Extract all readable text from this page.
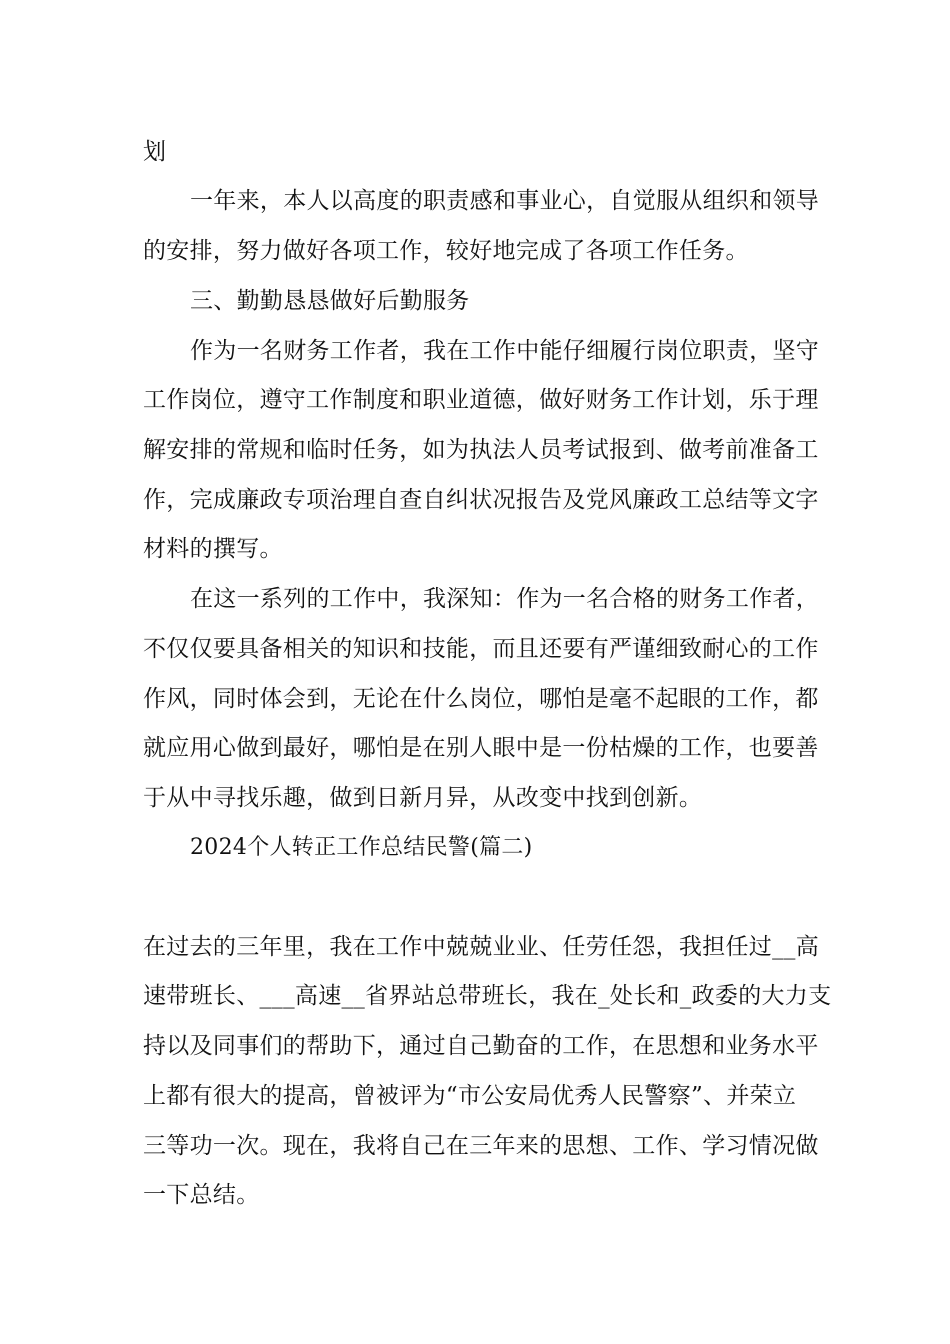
划
一年来，本人以高度的职责感和事业心，自觉服从组织和领导
的安排，努力做好各项工作，较好地完成了各项工作任务。
三、勤勤恳恳做好后勤服务
作为一名财务工作者，我在工作中能仔细履行岗位职责，坚守
工作岗位，遵守工作制度和职业道德，做好财务工作计划，乐于理
解安排的常规和临时任务，如为执法人员考试报到、做考前准备工
作，完成廉政专项治理自查自纠状况报告及党风廉政工总结等文字
材料的撰写。
在这一系列的工作中，我深知：作为一名合格的财务工作者，
不仅仅要具备相关的知识和技能，而且还要有严谨细致耐心的工作
作风，同时体会到，无论在什么岗位，哪怕是毫不起眼的工作，都
就应用心做到最好，哪怕是在别人眼中是一份枯燥的工作，也要善
于从中寻找乐趣，做到日新月异，从改变中找到创新。
2024个人转正工作总结民警(篇二)
在过去的三年里，我在工作中兢兢业业、任劳任怨，我担任过__高
速带班长、___高速__省界站总带班长，我在_处长和_政委的大力支
持以及同事们的帮助下，通过自己勤奋的工作，在思想和业务水平
上都有很大的提高，曾被评为“市公安局优秀人民警察”、并荣立
三等功一次。现在，我将自己在三年来的思想、工作、学习情况做
一下总结。
